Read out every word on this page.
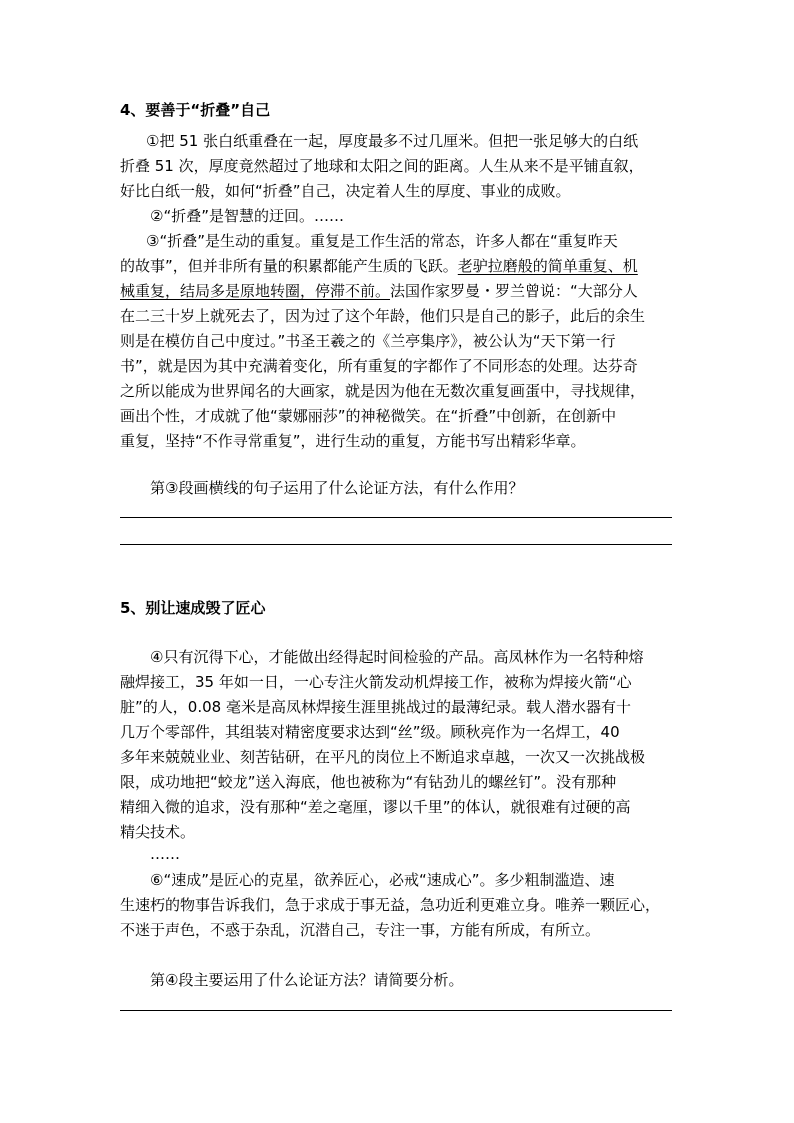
4、要善于“折叠”自己
①把 51 张白纸重叠在一起，厚度最多不过几厘米。但把一张足够大的白纸
折叠 51 次，厚度竟然超过了地球和太阳之间的距离。人生从来不是平铺直叙，
好比白纸一般，如何“折叠”自己，决定着人生的厚度、事业的成败。
②“折叠”是智慧的迂回。……
③“折叠”是生动的重复。重复是工作生活的常态，许多人都在“重复昨天
的故事”，但并非所有量的积累都能产生质的飞跃。老驴拉磨般的简单重复、机
械重复，结局多是原地转圈，停滞不前。法国作家罗曼・罗兰曾说：“大部分人
在二三十岁上就死去了，因为过了这个年龄，他们只是自己的影子，此后的余生
则是在模仿自己中度过。”书圣王羲之的《兰亭集序》，被公认为“天下第一行
书”，就是因为其中充满着变化，所有重复的字都作了不同形态的处理。达芬奇
之所以能成为世界闻名的大画家，就是因为他在无数次重复画蛋中，寻找规律，
画出个性，才成就了他“蒙娜丽莎”的神秘微笑。在“折叠”中创新，在创新中
重复，坚持“不作寻常重复”，进行生动的重复，方能书写出精彩华章。
第③段画横线的句子运用了什么论证方法，有什么作用？
5、别让速成毁了匠心
④只有沉得下心，才能做出经得起时间检验的产品。高凤林作为一名特种熔
融焊接工，35 年如一日，一心专注火箭发动机焊接工作，被称为焊接火箭“心
脏”的人，0.08 毫米是高凤林焊接生涯里挑战过的最薄纪录。载人潜水器有十
几万个零部件，其组装对精密度要求达到“丝”级。顾秋亮作为一名焊工，40
多年来兢兢业业、刻苦钻研，在平凡的岗位上不断追求卓越，一次又一次挑战极
限，成功地把“蛟龙”送入海底，他也被称为“有钻劲儿的螺丝钉”。没有那种
精细入微的追求，没有那种“差之毫厘，谬以千里”的体认，就很难有过硬的高
精尖技术。
……
⑥“速成”是匠心的克星，欲养匠心，必戒“速成心”。多少粗制滥造、速
生速朽的物事告诉我们，急于求成于事无益，急功近利更难立身。唯养一颗匠心，
不迷于声色，不惑于杂乱，沉潜自己，专注一事，方能有所成，有所立。
第④段主要运用了什么论证方法？请简要分析。
